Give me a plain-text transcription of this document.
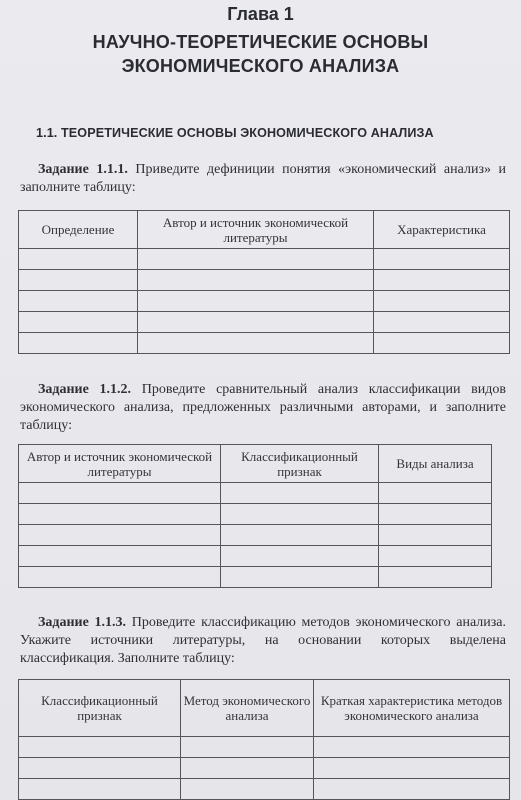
Глава 1
НАУЧНО-ТЕОРЕТИЧЕСКИЕ ОСНОВЫ
ЭКОНОМИЧЕСКОГО АНАЛИЗА
1.1. ТЕОРЕТИЧЕСКИЕ ОСНОВЫ ЭКОНОМИЧЕСКОГО АНАЛИЗА
Задание 1.1.1. Приведите дефиниции понятия «экономический анализ» и заполните таблицу:
Определение	Автор и источник экономической литературы	Характеристика

Задание 1.1.2. Проведите сравнительный анализ классификации видов экономического анализа, предложенных различными авторами, и заполните таблицу:
Автор и источник экономической литературы	Классификационный признак	Виды анализа

Задание 1.1.3. Проведите классификацию методов экономического анализа. Укажите источники литературы, на основании которых выделена классификация. Заполните таблицу:
Классификационный признак	Метод экономического анализа	Краткая характеристика методов экономического анализа
